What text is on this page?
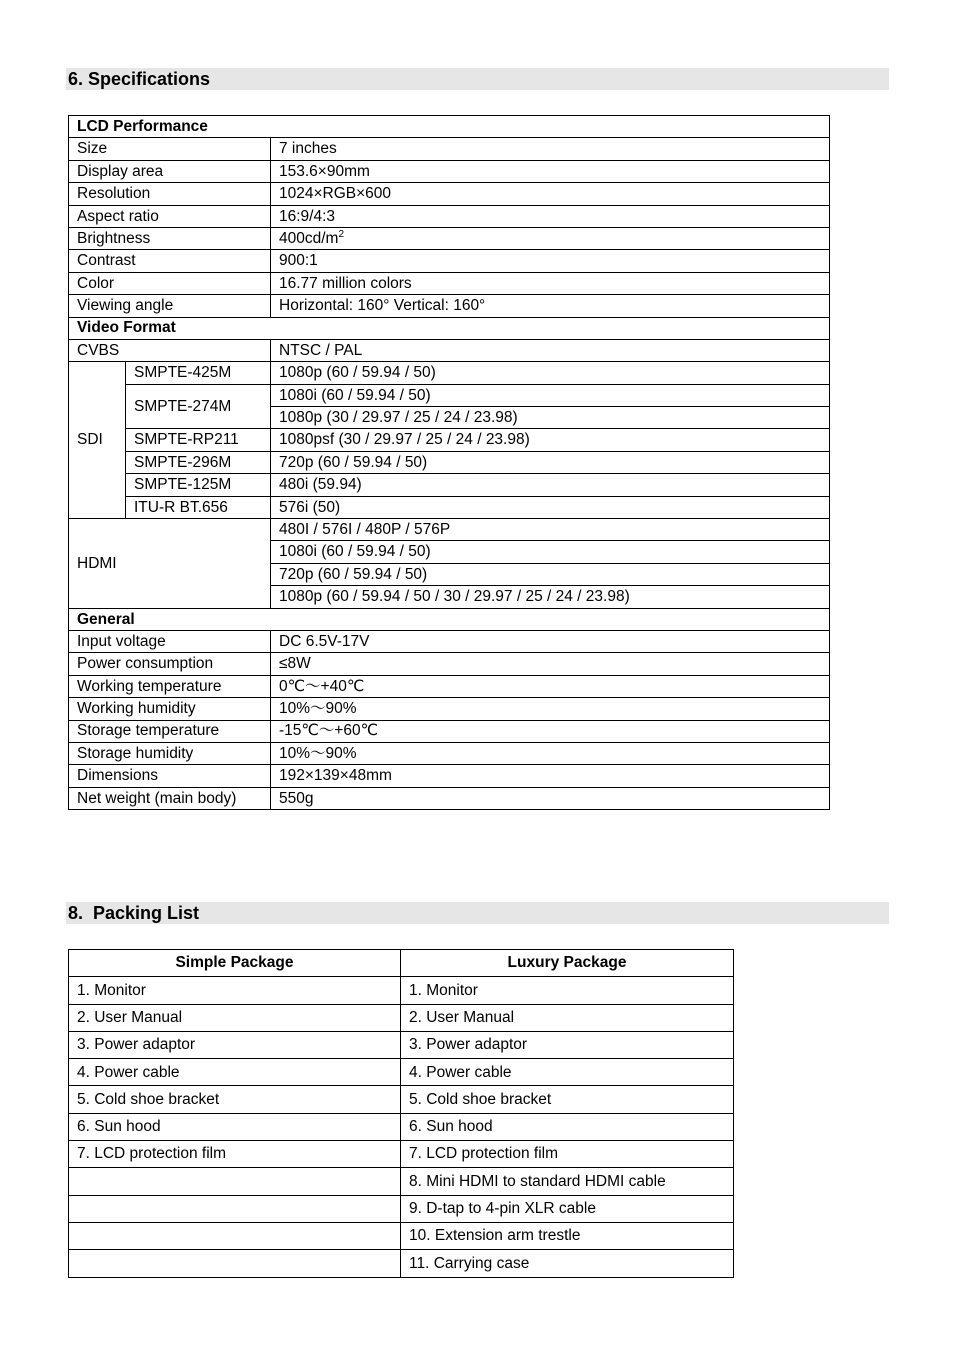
6. Specifications
LCD Performance		
Size		7 inches
Display area		153.6×90mm
Resolution		1024×RGB×600
Aspect ratio		16:9/4:3
Brightness		$400cd/m^2$
Contrast		900:1
Color		16.77 million colors
Viewing angle		Horizontal: 160° Vertical: 160°
Video Format		
CVBS		NTSC / PAL
SDI	SMPTE-425M	1080p (60 / 59.94 / 50)
	SMPTE-274M	1080i (60 / 59.94 / 50)
		1080p (30 / 29.97 / 25 / 24 / 23.98)
	SMPTE-RP211	1080psf (30 / 29.97 / 25 / 24 / 23.98)
	SMPTE-296M	720p (60 / 59.94 / 50)
	SMPTE-125M	480i (59.94)
	ITU-R BT.656	576i (50)
HDMI		480I / 576I / 480P / 576P
		1080i (60 / 59.94 / 50)
		720p (60 / 59.94 / 50)
		1080p (60 / 59.94 / 50 / 30 / 29.97 / 25 / 24 / 23.98)
General		
Input voltage		DC 6.5V-17V
Power consumption		≤8W
Working temperature		0℃～+40℃
Working humidity		10%～90%
Storage temperature		-15℃～+60℃
Storage humidity		10%～90%
Dimensions		192×139×48mm
Net weight (main body)		550g
8.  Packing List
Simple Package	Luxury Package
1. Monitor	1. Monitor
2. User Manual	2. User Manual
3. Power adaptor	3. Power adaptor
4. Power cable	4. Power cable
5. Cold shoe bracket	5. Cold shoe bracket
6. Sun hood	6. Sun hood
7. LCD protection film	7. LCD protection film
	8. Mini HDMI to standard HDMI cable
	9. D-tap to 4-pin XLR cable
	10. Extension arm trestle
	11. Carrying case
